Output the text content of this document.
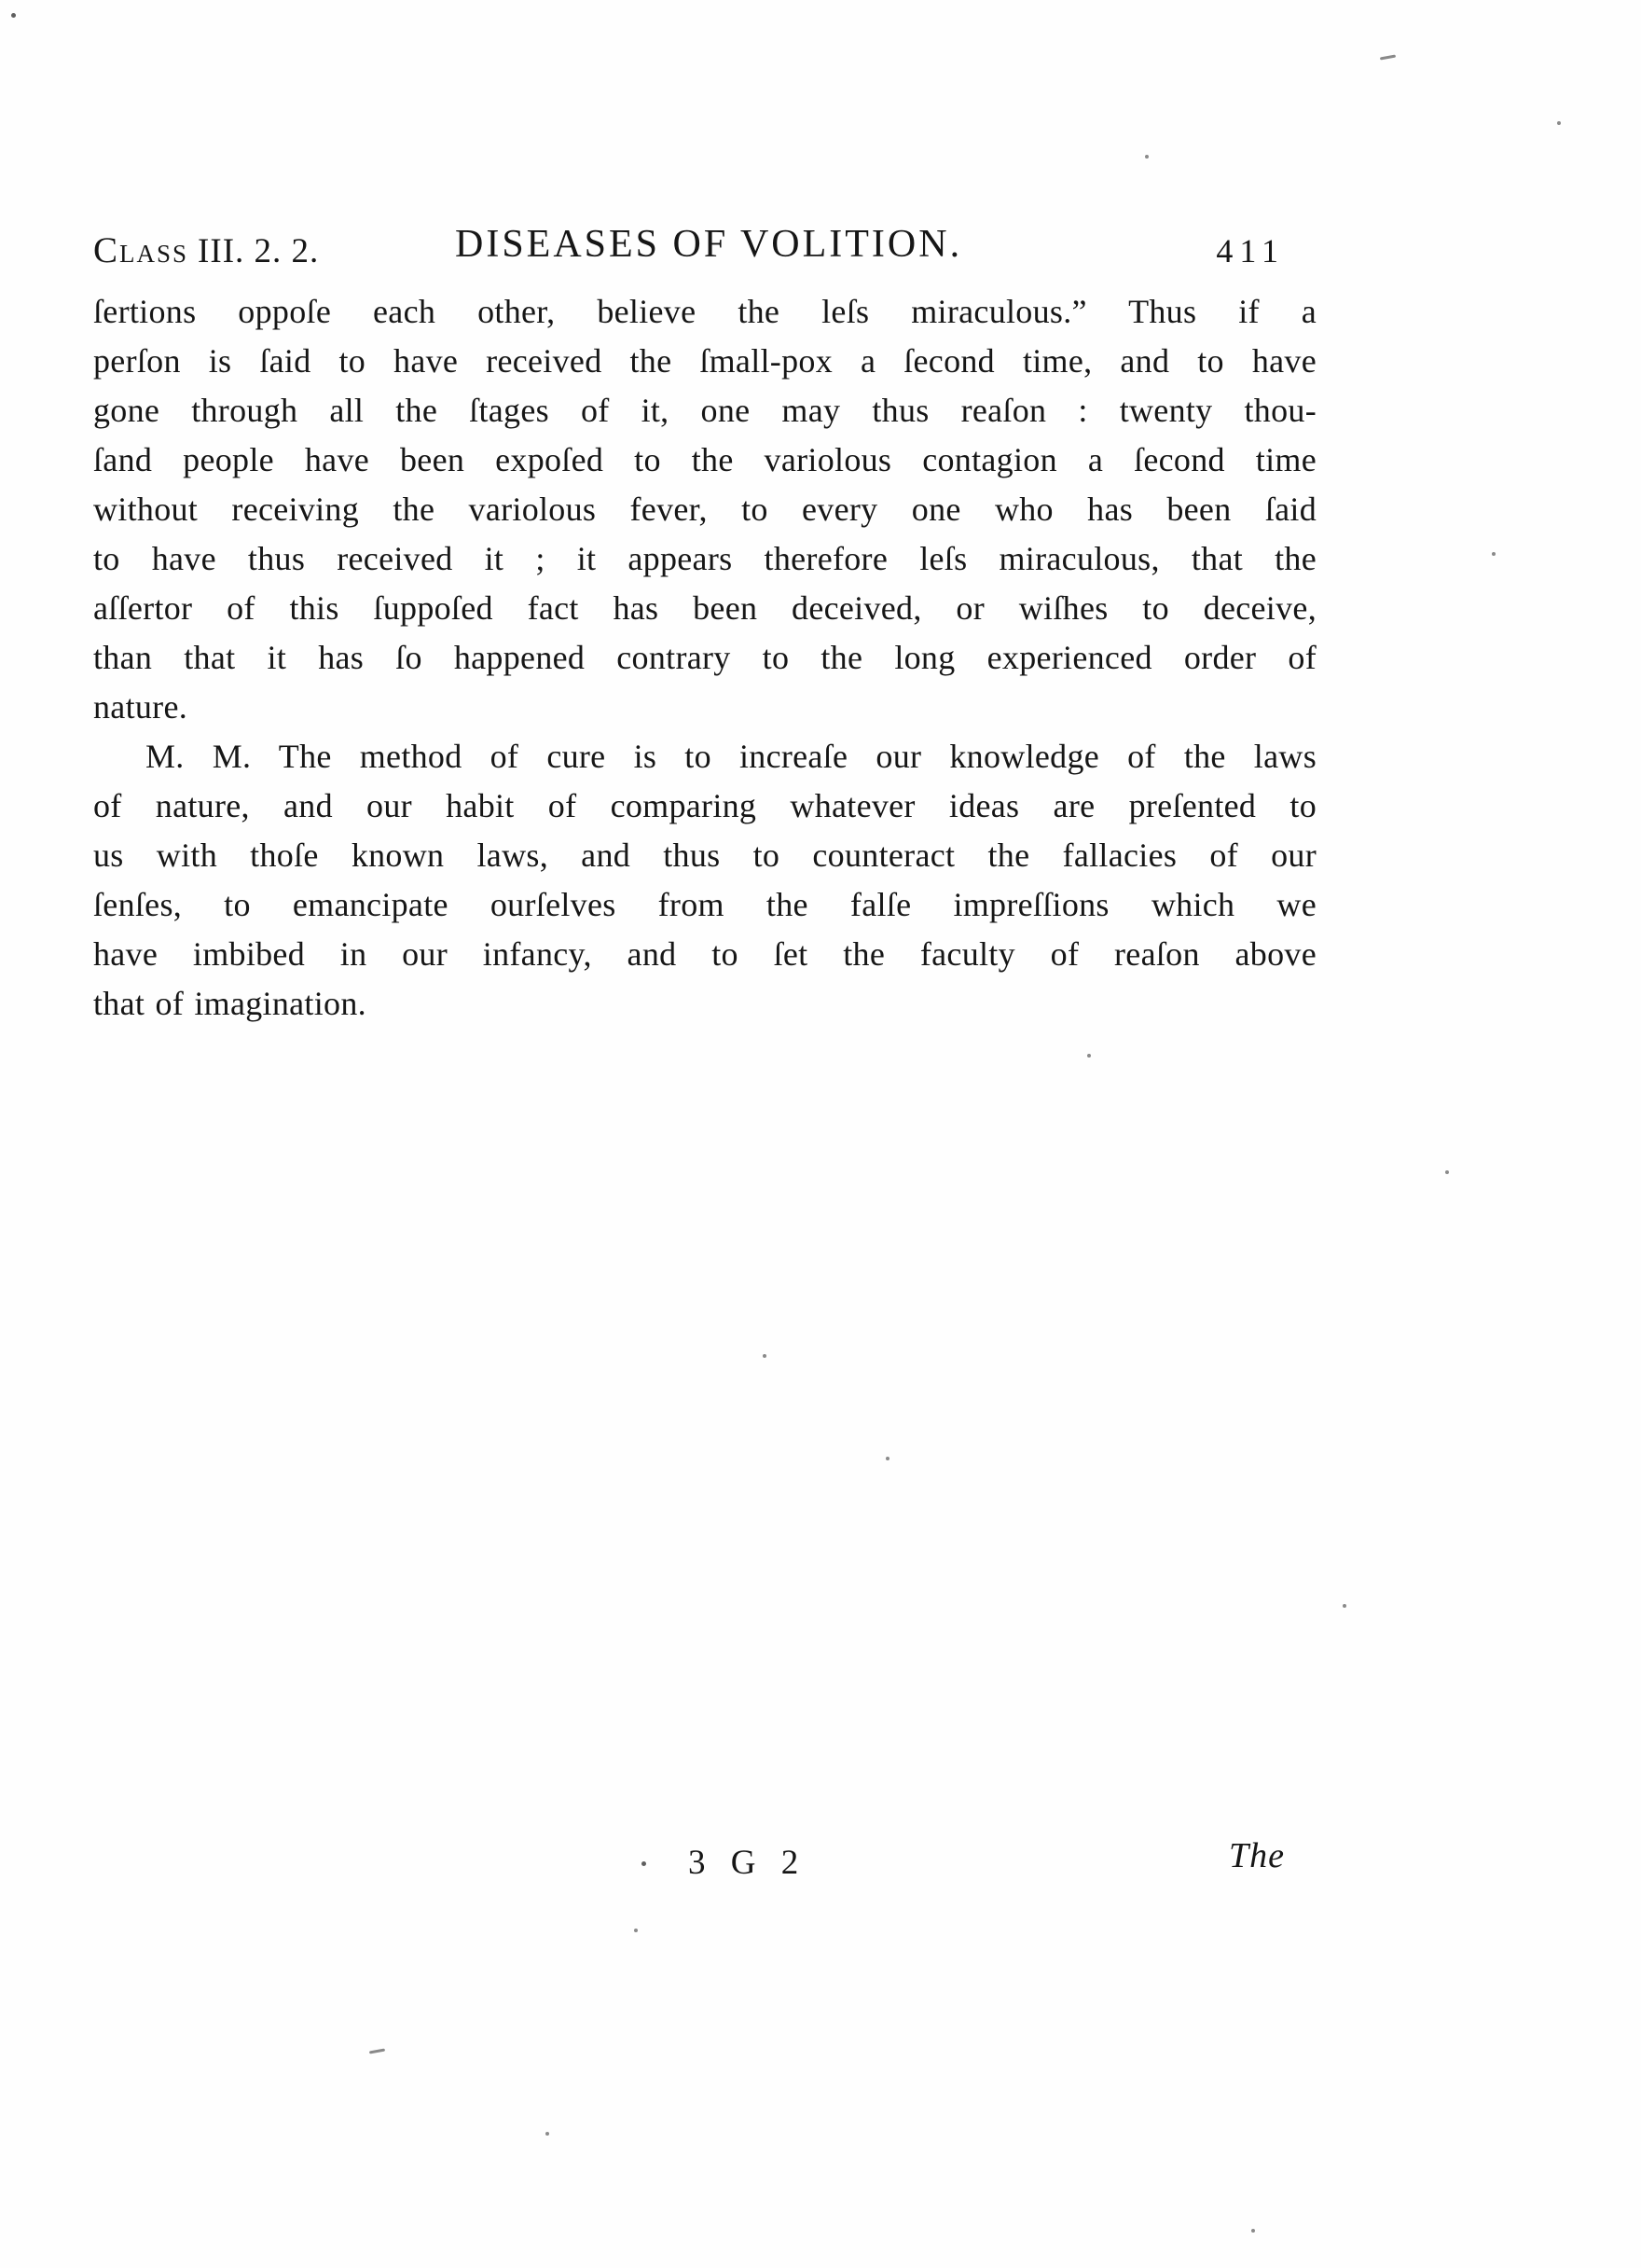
Class III. 2. 2.	DISEASES OF VOLITION.	411
ſertions oppoſe each other, believe the leſs miraculous.” Thus if a
perſon is ſaid to have received the ſmall-pox a ſecond time, and to have
gone through all the ſtages of it, one may thus reaſon : twenty thou-
ſand people have been expoſed to the variolous contagion a ſecond time
without receiving the variolous fever, to every one who has been ſaid
to have thus received it ; it appears therefore leſs miraculous, that the
aſſertor of this ſuppoſed fact has been deceived, or wiſhes to deceive,
than that it has ſo happened contrary to the long experienced order of
nature.
M. M. The method of cure is to increaſe our knowledge of the laws
of nature, and our habit of comparing whatever ideas are preſented to
us with thoſe known laws, and thus to counteract the fallacies of our
ſenſes, to emancipate ourſelves from the falſe impreſſions which we
have imbibed in our infancy, and to ſet the faculty of reaſon above
that of imagination.
3 G 2	The
